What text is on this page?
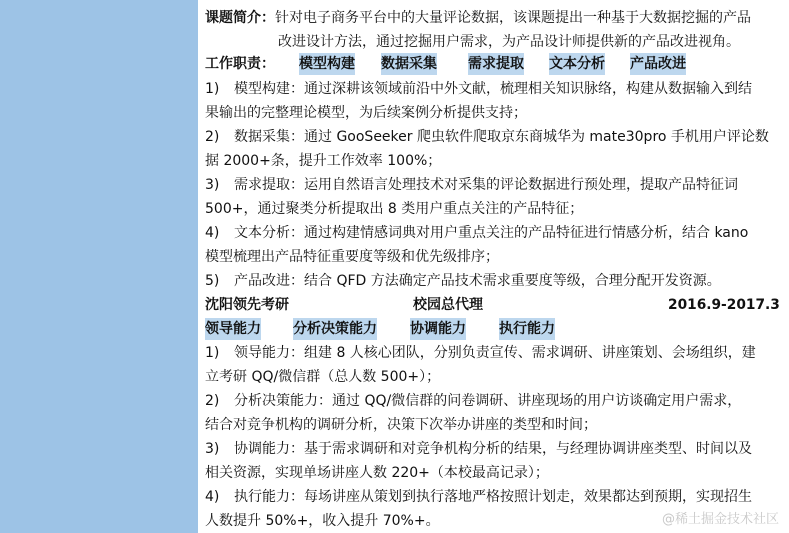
课题简介：针对电子商务平台中的大量评论数据，该课题提出一种基于大数据挖掘的产品
改进设计方法，通过挖掘用户需求，为产品设计师提供新的产品改进视角。
工作职责： 模型构建 数据采集 需求提取 文本分析 产品改进
1)	模型构建：通过深耕该领域前沿中外文献，梳理相关知识脉络，构建从数据输入到结
果输出的完整理论模型，为后续案例分析提供支持；
2)	数据采集：通过 GooSeeker 爬虫软件爬取京东商城华为 mate30pro 手机用户评论数
据 2000+条，提升工作效率 100%；
3)	需求提取：运用自然语言处理技术对采集的评论数据进行预处理，提取产品特征词
500+，通过聚类分析提取出 8 类用户重点关注的产品特征；
4)	文本分析：通过构建情感词典对用户重点关注的产品特征进行情感分析，结合 kano
模型梳理出产品特征重要度等级和优先级排序；
5)	产品改进：结合 QFD 方法确定产品技术需求重要度等级，合理分配开发资源。
沈阳领先考研	校园总代理	2016.9-2017.3
领导能力 分析决策能力 协调能力 执行能力
1)	领导能力：组建 8 人核心团队，分别负责宣传、需求调研、讲座策划、会场组织，建
立考研 QQ/微信群（总人数 500+）；
2)	分析决策能力：通过 QQ/微信群的问卷调研、讲座现场的用户访谈确定用户需求，
结合对竞争机构的调研分析，决策下次举办讲座的类型和时间；
3)	协调能力：基于需求调研和对竞争机构分析的结果，与经理协调讲座类型、时间以及
相关资源，实现单场讲座人数 220+（本校最高记录）；
4)	执行能力：每场讲座从策划到执行落地严格按照计划走，效果都达到预期，实现招生
人数提升 50%+，收入提升 70%+。	@稀土掘金技术社区
